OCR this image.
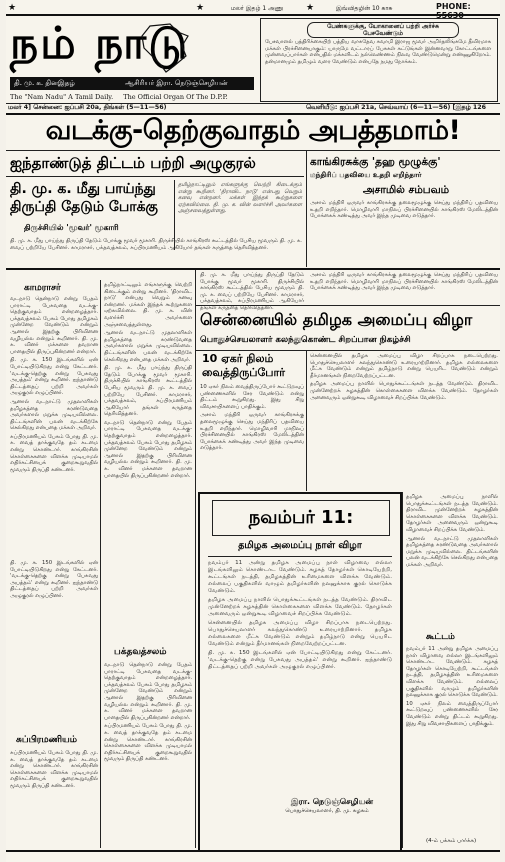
★	★	★
மலர் இதழ் 1 அணு	இவ்விதழின் 10 காசு	PHONE: 55630
நம் நாடு
தி. மு. க. தினஇதழ்	ஆசிரியர் இரா. நெடுஞ்செழியன்
The "Nam Nadu" A Tamil Daily. The Official Organ Of The D.P.P.
பேண்களுக்கு, யோகானைப் பற்றி அர்ச்சு பேசவேண்டும்
பேசவாளல் பத்திரிக்கையிற் பத்திய வாசுதேவ சுவாமி இராஜ மூவர் அமிர்தலிங்கமே தீவிரமாக மக்கள் பிரச்சினையாகும்: யாருமே வட்டாரப் பேசுகள் கட்டுங்கள் இன்னவாறு கோட்டங்களை முன்வைப்பார்கள் என்பதில் மக்களிடம் நல்லெண்ணம் நிலவ வேண்டுமென்று எண்ணுகிறோம். தன்மானமும் தமிழும் வளர வேண்டும் என்பதே நமது நோக்கம்.
மலர் 4] சென்னை: ஐப்பசி 20a, திங்கள் (5—11—56)	வெளியீடு: ஐப்பசி 21a, செவ்வாய் (6—11—56) [இதழ் 126
வடக்கு-தெற்குவாதம் அபத்தமாம்!
ஐந்தாண்டுத் திட்டம் பற்றி அழுகுரல்	காங்கிரசுக்கு 'தஹ மூழுக்கு'
மந்திரிப் பதவியை உதறி எறிந்தார்
அசாமில் சம்பவம்
அசாம் மந்திரி ஒருவர் காங்கிரசுக்கு தலைமூழுக்கு செய்து மந்திரிப் பதவியை உதறி எறிந்தார். மொழிவாரி மாநிலப் பிரச்சினையில் காங்கிரஸ் மேலிடத்தின் போக்கைக் கண்டித்து அவர் இந்த முடிவை எடுத்தார்.
தி. மு. க. மீது பாய்ந்து
திருப்தி தேடும் போக்கு
திருச்சியில் 'மூவர்' மூகாரி
தமிழ்நாட்டிலும் எங்களுக்கு வெற்றி கிடைக்கும் என்று கூறினர். 'திராவிட நாடு' என்பது வெறும் கனவு என்றனர். மக்கள் இந்தக் கூற்றுகளை ஏற்கவில்லை. தி. மு. க. வின் வளர்ச்சி அவர்களை அஞ்சவைத்துள்ளது.
தி. மு. க. மீது பாய்ந்து திருப்தி தேடும் போக்கு மூவர் மூகாரி. திருச்சியில் காங்கிரஸ் கூட்டத்தில் பேசிய மூவரும் தி. மு. க. வைப் பற்றியே பேசினர். காமராசர், பக்தவத்சலம், சுப்பிரமணியம் ஆகியோர் தங்கள் கருத்தை தெரிவித்தனர்.
காமராசர்

வடநாடு தென்நாடு என்று பேதம் பாராட்டி பேசுவதை வடக்கு-தெற்குவாதம் என்றழைத்தார். பக்தவத்சலம் பேசும் போது தமிழகம் முன்னேற வேண்டும் என்றும் ஆனால் இதற்கு பிரிவினை வழியல்ல என்றும் கூறினார். தி. மு. க. வினர் மக்களை தவறான பாதையில் திருப்புகின்றனர் என்றார்.

தி. மு. க. 150 இடங்களில் ஏன் போட்டியிடுகிறது என்று கேட்டனர். 'வடக்கு-தெற்கு என்று பேசுவது அபத்தம்' என்று கூறினர். ஐந்தாண்டு திட்டத்தைப் பற்றி அவர்கள் அழுகுரல் எழுப்பினர்.

ஆனால் வடநாட்டு முதலாளிகள் தமிழகத்தை சுரண்டுவதை அவர்களால் மறுக்க முடியவில்லை. திட்டங்களின் பலன் வடக்கிற்கே செல்கிறது என்பதை மக்கள் அறிவர்.

சுப்பிரமணியம் பேசும் போது தி. மு. க. வைத் தாக்குவதே தம் கடமை என்று கொண்டார். காங்கிரசின் கொள்கைகளை விளக்க முடியாமல் எதிர்கட்சியைக் குறைகூறுவதில் மூவரும் திருப்தி கண்டனர்.

சுப்பிரமணியம்
சுப்பிரமணியம் பேசும் போது தி. மு. க. வைத் தாக்குவதே தம் கடமை என்று கொண்டார். காங்கிரசின் கொள்கைகளை விளக்க முடியாமல் எதிர்கட்சியைக் குறைகூறுவதில் மூவரும் திருப்தி கண்டனர்.
தி. மு. க. 150 இடங்களில் ஏன் போட்டியிடுகிறது என்று கேட்டனர். 'வடக்கு-தெற்கு என்று பேசுவது அபத்தம்' என்று கூறினர். ஐந்தாண்டு திட்டத்தைப் பற்றி அவர்கள் அழுகுரல் எழுப்பினர்.

தமிழ்நாட்டிலும் எங்களுக்கு வெற்றி கிடைக்கும் என்று கூறினர். 'திராவிட நாடு' என்பது வெறும் கனவு என்றனர். மக்கள் இந்தக் கூற்றுகளை ஏற்கவில்லை. தி. மு. க. வின் வளர்ச்சி அவர்களை அஞ்சவைத்துள்ளது.

ஆனால் வடநாட்டு முதலாளிகள் தமிழகத்தை சுரண்டுவதை அவர்களால் மறுக்க முடியவில்லை. திட்டங்களின் பலன் வடக்கிற்கே செல்கிறது என்பதை மக்கள் அறிவர்.

தி. மு. க. மீது பாய்ந்து திருப்தி தேடும் போக்கு மூவர் மூகாரி. திருச்சியில் காங்கிரஸ் கூட்டத்தில் பேசிய மூவரும் தி. மு. க. வைப் பற்றியே பேசினர். காமராசர், பக்தவத்சலம், சுப்பிரமணியம் ஆகியோர் தங்கள் கருத்தை தெரிவித்தனர்.

வடநாடு தென்நாடு என்று பேதம் பாராட்டி பேசுவதை வடக்கு-தெற்குவாதம் என்றழைத்தார். பக்தவத்சலம் பேசும் போது தமிழகம் முன்னேற வேண்டும் என்றும் ஆனால் இதற்கு பிரிவினை வழியல்ல என்றும் கூறினார். தி. மு. க. வினர் மக்களை தவறான பாதையில் திருப்புகின்றனர் என்றார்.

பக்தவத்சலம்

வடநாடு தென்நாடு என்று பேதம் பாராட்டி பேசுவதை வடக்கு-தெற்குவாதம் என்றழைத்தார். பக்தவத்சலம் பேசும் போது தமிழகம் முன்னேற வேண்டும் என்றும் ஆனால் இதற்கு பிரிவினை வழியல்ல என்றும் கூறினார். தி. மு. க. வினர் மக்களை தவறான பாதையில் திருப்புகின்றனர் என்றார்.

சுப்பிரமணியம் பேசும் போது தி. மு. க. வைத் தாக்குவதே தம் கடமை என்று கொண்டார். காங்கிரசின் கொள்கைகளை விளக்க முடியாமல் எதிர்கட்சியைக் குறைகூறுவதில் மூவரும் திருப்தி கண்டனர்.

சென்னையில் தமிழக அமைப்பு விழா
பொதுச்செயலாளர் கலந்துகொண்ட சிறப்பான நிகழ்ச்சி
தி. மு. க. மீது பாய்ந்து திருப்தி தேடும் போக்கு மூவர் மூகாரி. திருச்சியில் காங்கிரஸ் கூட்டத்தில் பேசிய மூவரும் தி. மு. க. வைப் பற்றியே பேசினர். காமராசர், பக்தவத்சலம், சுப்பிரமணியம் ஆகியோர் தங்கள் கருத்தை தெரிவித்தனர்.
அசாம் மந்திரி ஒருவர் காங்கிரசுக்கு தலைமூழுக்கு செய்து மந்திரிப் பதவியை உதறி எறிந்தார். மொழிவாரி மாநிலப் பிரச்சினையில் காங்கிரஸ் மேலிடத்தின் போக்கைக் கண்டித்து அவர் இந்த முடிவை எடுத்தார்.
10 ஏகர் நிலம்
வைத்திருப்போர்

10 ஏகர் நிலம் வைத்திருப்போர் கூட்டுறவுப் பண்ணைகளில் சேர வேண்டும் என்று திட்டம் கூறுகிறது. இது சிறு விவசாயிகளைப் பாதிக்கும்.

அசாம் மந்திரி ஒருவர் காங்கிரசுக்கு தலைமூழுக்கு செய்து மந்திரிப் பதவியை உதறி எறிந்தார். மொழிவாரி மாநிலப் பிரச்சினையில் காங்கிரஸ் மேலிடத்தின் போக்கைக் கண்டித்து அவர் இந்த முடிவை எடுத்தார்.

சென்னையில் தமிழக அமைப்பு விழா சிறப்பாக நடைபெற்றது. பொதுச்செயலாளர் கலந்துகொண்டு உரையாற்றினார். தமிழக எல்லைகளை மீட்க வேண்டும் என்றும் தமிழ்நாடு என்று பெயரிட வேண்டும் என்றும் தீர்மானங்கள் நிறைவேற்றப்பட்டன.

தமிழக அமைப்பு நாளில் பொதுக்கூட்டங்கள் நடத்த வேண்டும். திராவிட முன்னேற்றக் கழகத்தின் கொள்கைகளை விளக்க வேண்டும். தோழர்கள் அனைவரும் ஒன்றுகூடி விழாவைச் சிறப்பிக்க வேண்டும்.

நவம்பர் 11:
தமிழக அமைப்பு நாள் விழா

நவம்பர் 11 அன்று தமிழக அமைப்பு நாள் விழாவை எல்லா இடங்களிலும் கொண்டாட வேண்டும். கழகத் தோழர்கள் கொடியேற்றி, கூட்டங்கள் நடத்தி, தமிழகத்தின் உரிமைகளை விளக்க வேண்டும். எல்லைப் பகுதிகளில் வாழும் தமிழர்களின் நலனுக்காக குரல் கொடுக்க வேண்டும்.

தமிழக அமைப்பு நாளில் பொதுக்கூட்டங்கள் நடத்த வேண்டும். திராவிட முன்னேற்றக் கழகத்தின் கொள்கைகளை விளக்க வேண்டும். தோழர்கள் அனைவரும் ஒன்றுகூடி விழாவைச் சிறப்பிக்க வேண்டும்.

சென்னையில் தமிழக அமைப்பு விழா சிறப்பாக நடைபெற்றது. பொதுச்செயலாளர் கலந்துகொண்டு உரையாற்றினார். தமிழக எல்லைகளை மீட்க வேண்டும் என்றும் தமிழ்நாடு என்று பெயரிட வேண்டும் என்றும் தீர்மானங்கள் நிறைவேற்றப்பட்டன.

தி. மு. க. 150 இடங்களில் ஏன் போட்டியிடுகிறது என்று கேட்டனர். 'வடக்கு-தெற்கு என்று பேசுவது அபத்தம்' என்று கூறினர். ஐந்தாண்டு திட்டத்தைப் பற்றி அவர்கள் அழுகுரல் எழுப்பினர்.

இரா. நெடுஞ்செழியன்
பொதுச்செயலாளர், தி. மு. கழகம்

தமிழக அமைப்பு நாளில் பொதுக்கூட்டங்கள் நடத்த வேண்டும். திராவிட முன்னேற்றக் கழகத்தின் கொள்கைகளை விளக்க வேண்டும். தோழர்கள் அனைவரும் ஒன்றுகூடி விழாவைச் சிறப்பிக்க வேண்டும்.

ஆனால் வடநாட்டு முதலாளிகள் தமிழகத்தை சுரண்டுவதை அவர்களால் மறுக்க முடியவில்லை. திட்டங்களின் பலன் வடக்கிற்கே செல்கிறது என்பதை மக்கள் அறிவர்.

கூட்டம்

நவம்பர் 11 அன்று தமிழக அமைப்பு நாள் விழாவை எல்லா இடங்களிலும் கொண்டாட வேண்டும். கழகத் தோழர்கள் கொடியேற்றி, கூட்டங்கள் நடத்தி, தமிழகத்தின் உரிமைகளை விளக்க வேண்டும். எல்லைப் பகுதிகளில் வாழும் தமிழர்களின் நலனுக்காக குரல் கொடுக்க வேண்டும்.

10 ஏகர் நிலம் வைத்திருப்போர் கூட்டுறவுப் பண்ணைகளில் சேர வேண்டும் என்று திட்டம் கூறுகிறது. இது சிறு விவசாயிகளைப் பாதிக்கும்.

(4-ம் பக்கம் பார்க்க)
